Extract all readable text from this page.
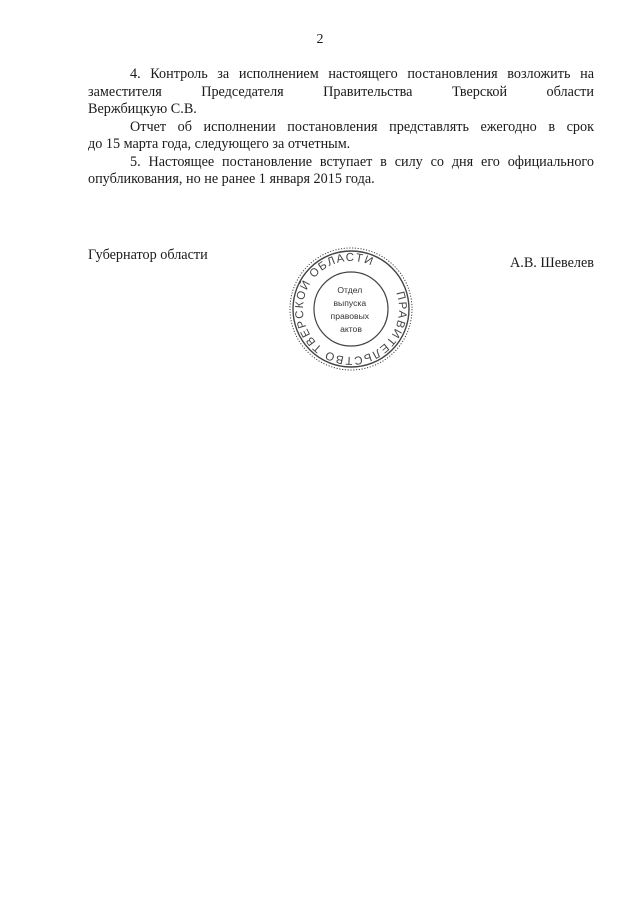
2
4. Контроль за исполнением настоящего постановления возложить на
заместителя	Председателя	Правительства	Тверской	области
Вержбицкую С.В.
Отчет об исполнении постановления представлять ежегодно в срок
до 15 марта года, следующего за отчетным.
5. Настоящее постановление вступает в силу со дня его официального
опубликования, но не ранее 1 января 2015 года.
Губернатор области	А.В. Шевелев
ПРАВИТЕЛЬСТВО ТВЕРСКОЙ ОБЛАСТИ
Отдел выпуска правовых актов
